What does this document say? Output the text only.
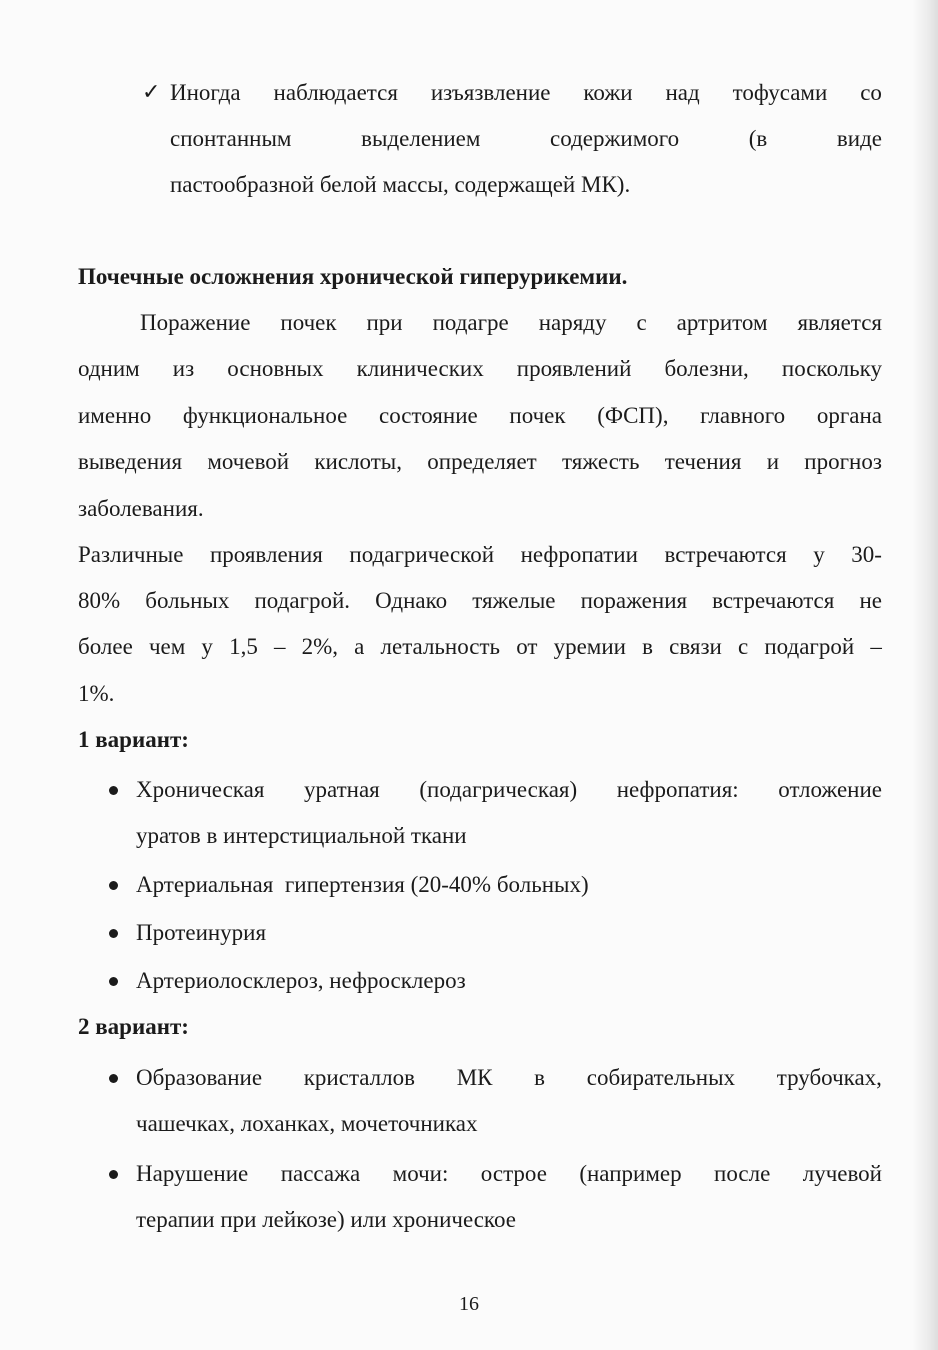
✓ Иногда наблюдается изъязвление кожи над тофусами со
спонтанным	выделением	содержимого	(в	виде
пастообразной белой массы, содержащей МК).
Почечные осложнения хронической гиперурикемии.
Поражение почек при подагре наряду с артритом является
одним из основных клинических проявлений болезни, поскольку
именно функциональное состояние почек (ФСП), главного органа
выведения мочевой кислоты, определяет тяжесть течения и прогноз
заболевания.
Различные проявления подагрической нефропатии встречаются у 30-
80% больных подагрой. Однако тяжелые поражения встречаются не
более чем у 1,5 – 2%, а летальность от уремии в связи с подагрой –
1%.
1 вариант:
Хроническая уратная (подагрическая) нефропатия: отложение
уратов в интерстициальной ткани
Артериальная  гипертензия (20-40% больных)
Протеинурия
Артериолосклероз, нефросклероз
2 вариант:
Образование кристаллов МК в собирательных трубочках,
чашечках, лоханках, мочеточниках
Нарушение пассажа мочи: острое (например после лучевой
терапии при лейкозе) или хроническое
16
